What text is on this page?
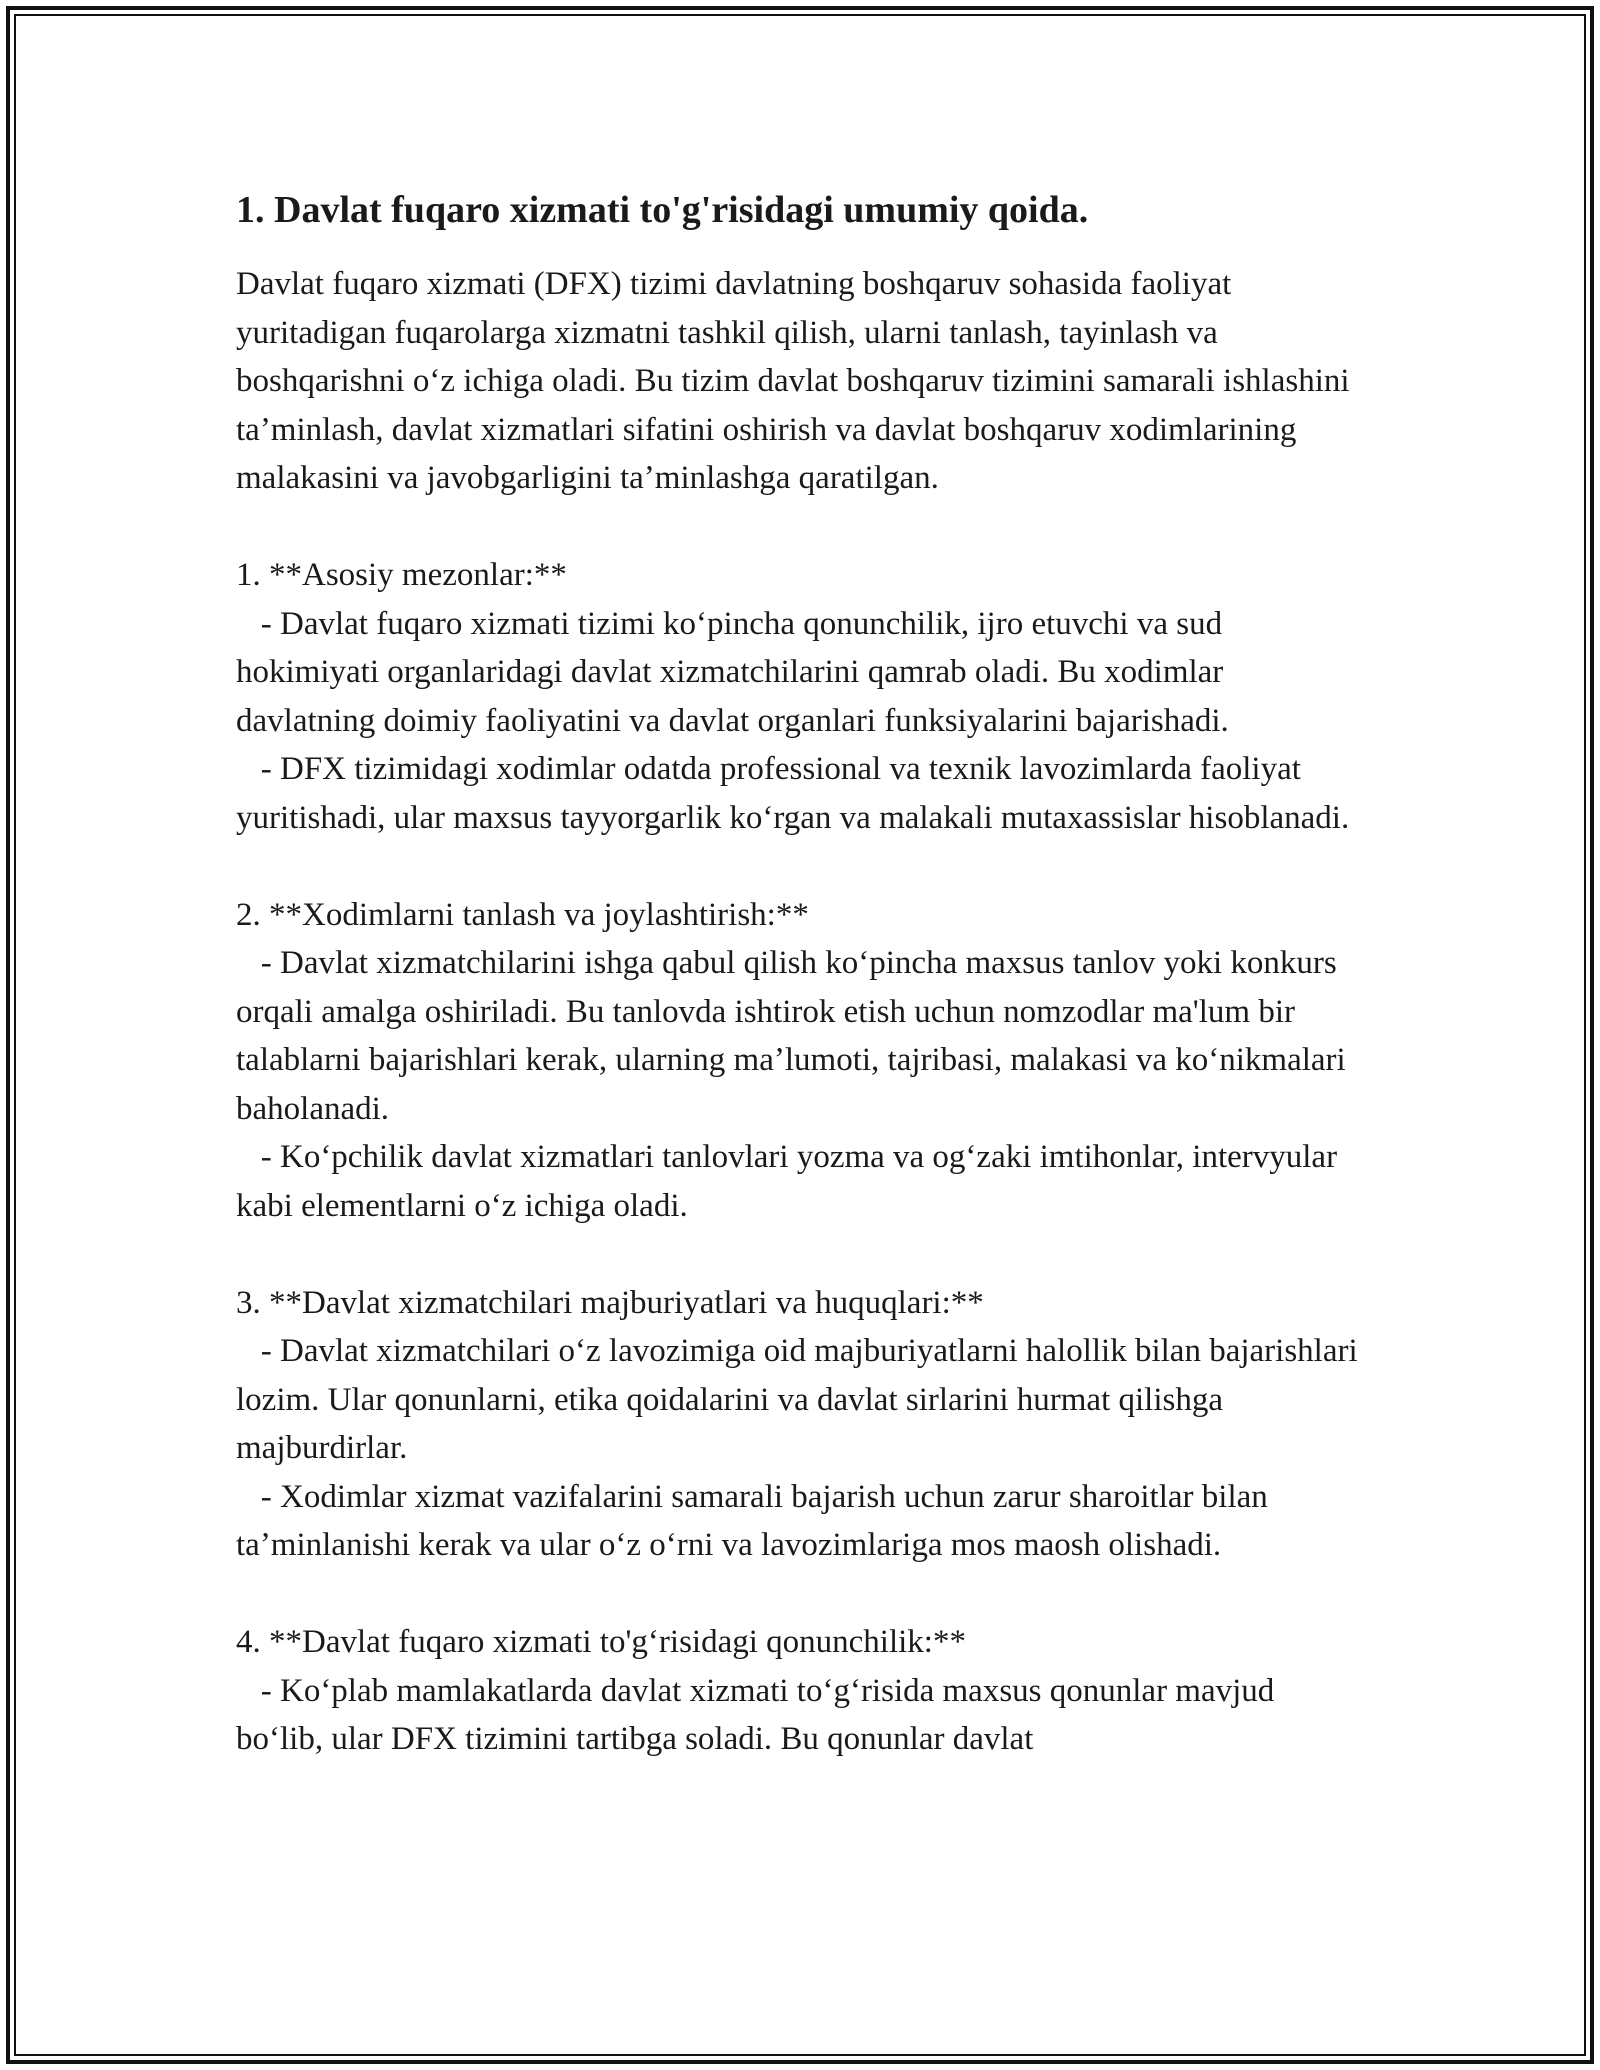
1. Davlat fuqaro xizmati to'g'risidagi umumiy qoida.

Davlat fuqaro xizmati (DFX) tizimi davlatning boshqaruv sohasida faoliyat yuritadigan fuqarolarga xizmatni tashkil qilish, ularni tanlash, tayinlash va boshqarishni oʻz ichiga oladi. Bu tizim davlat boshqaruv tizimini samarali ishlashini taʼminlash, davlat xizmatlari sifatini oshirish va davlat boshqaruv xodimlarining malakasini va javobgarligini taʼminlashga qaratilgan.

1. **Asosiy mezonlar:**
- Davlat fuqaro xizmati tizimi koʻpincha qonunchilik, ijro etuvchi va sud hokimiyati organlaridagi davlat xizmatchilarini qamrab oladi. Bu xodimlar davlatning doimiy faoliyatini va davlat organlari funksiyalarini bajarishadi.
- DFX tizimidagi xodimlar odatda professional va texnik lavozimlarda faoliyat yuritishadi, ular maxsus tayyorgarlik koʻrgan va malakali mutaxassislar hisoblanadi.
2. **Xodimlarni tanlash va joylashtirish:**
- Davlat xizmatchilarini ishga qabul qilish koʻpincha maxsus tanlov yoki konkurs orqali amalga oshiriladi. Bu tanlovda ishtirok etish uchun nomzodlar ma'lum bir talablarni bajarishlari kerak, ularning maʼlumoti, tajribasi, malakasi va koʻnikmalari baholanadi.
- Koʻpchilik davlat xizmatlari tanlovlari yozma va ogʻzaki imtihonlar, intervyular kabi elementlarni oʻz ichiga oladi.
3. **Davlat xizmatchilari majburiyatlari va huquqlari:**
- Davlat xizmatchilari oʻz lavozimiga oid majburiyatlarni halollik bilan bajarishlari lozim. Ular qonunlarni, etika qoidalarini va davlat sirlarini hurmat qilishga majburdirlar.
- Xodimlar xizmat vazifalarini samarali bajarish uchun zarur sharoitlar bilan taʼminlanishi kerak va ular oʻz oʻrni va lavozimlariga mos maosh olishadi.
4. **Davlat fuqaro xizmati to'gʻrisidagi qonunchilik:**
- Koʻplab mamlakatlarda davlat xizmati toʻgʻrisida maxsus qonunlar mavjud boʻlib, ular DFX tizimini tartibga soladi. Bu qonunlar davlat
